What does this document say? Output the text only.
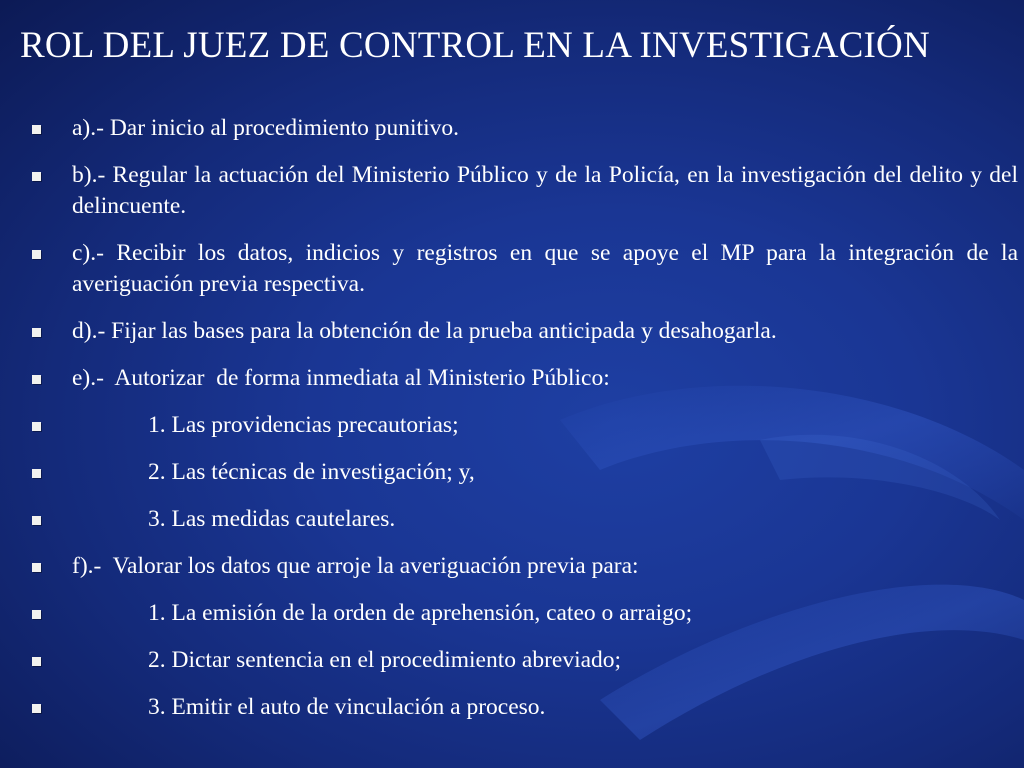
ROL DEL JUEZ DE CONTROL EN LA INVESTIGACIÓN
a).- Dar inicio al procedimiento punitivo.
b).- Regular la actuación del Ministerio Público y de la Policía, en la investigación del delito y del delincuente.
c).- Recibir los datos, indicios y registros en que se apoye el MP para la integración de la averiguación previa respectiva.
d).- Fijar las bases para la obtención de la prueba anticipada y desahogarla.
e).-  Autorizar  de forma inmediata al Ministerio Público:
1. Las providencias precautorias;
2. Las técnicas de investigación; y,
3. Las medidas cautelares.
f).-  Valorar los datos que arroje la averiguación previa para:
1. La emisión de la orden de aprehensión, cateo o arraigo;
2. Dictar sentencia en el procedimiento abreviado;
3. Emitir el auto de vinculación a proceso.
